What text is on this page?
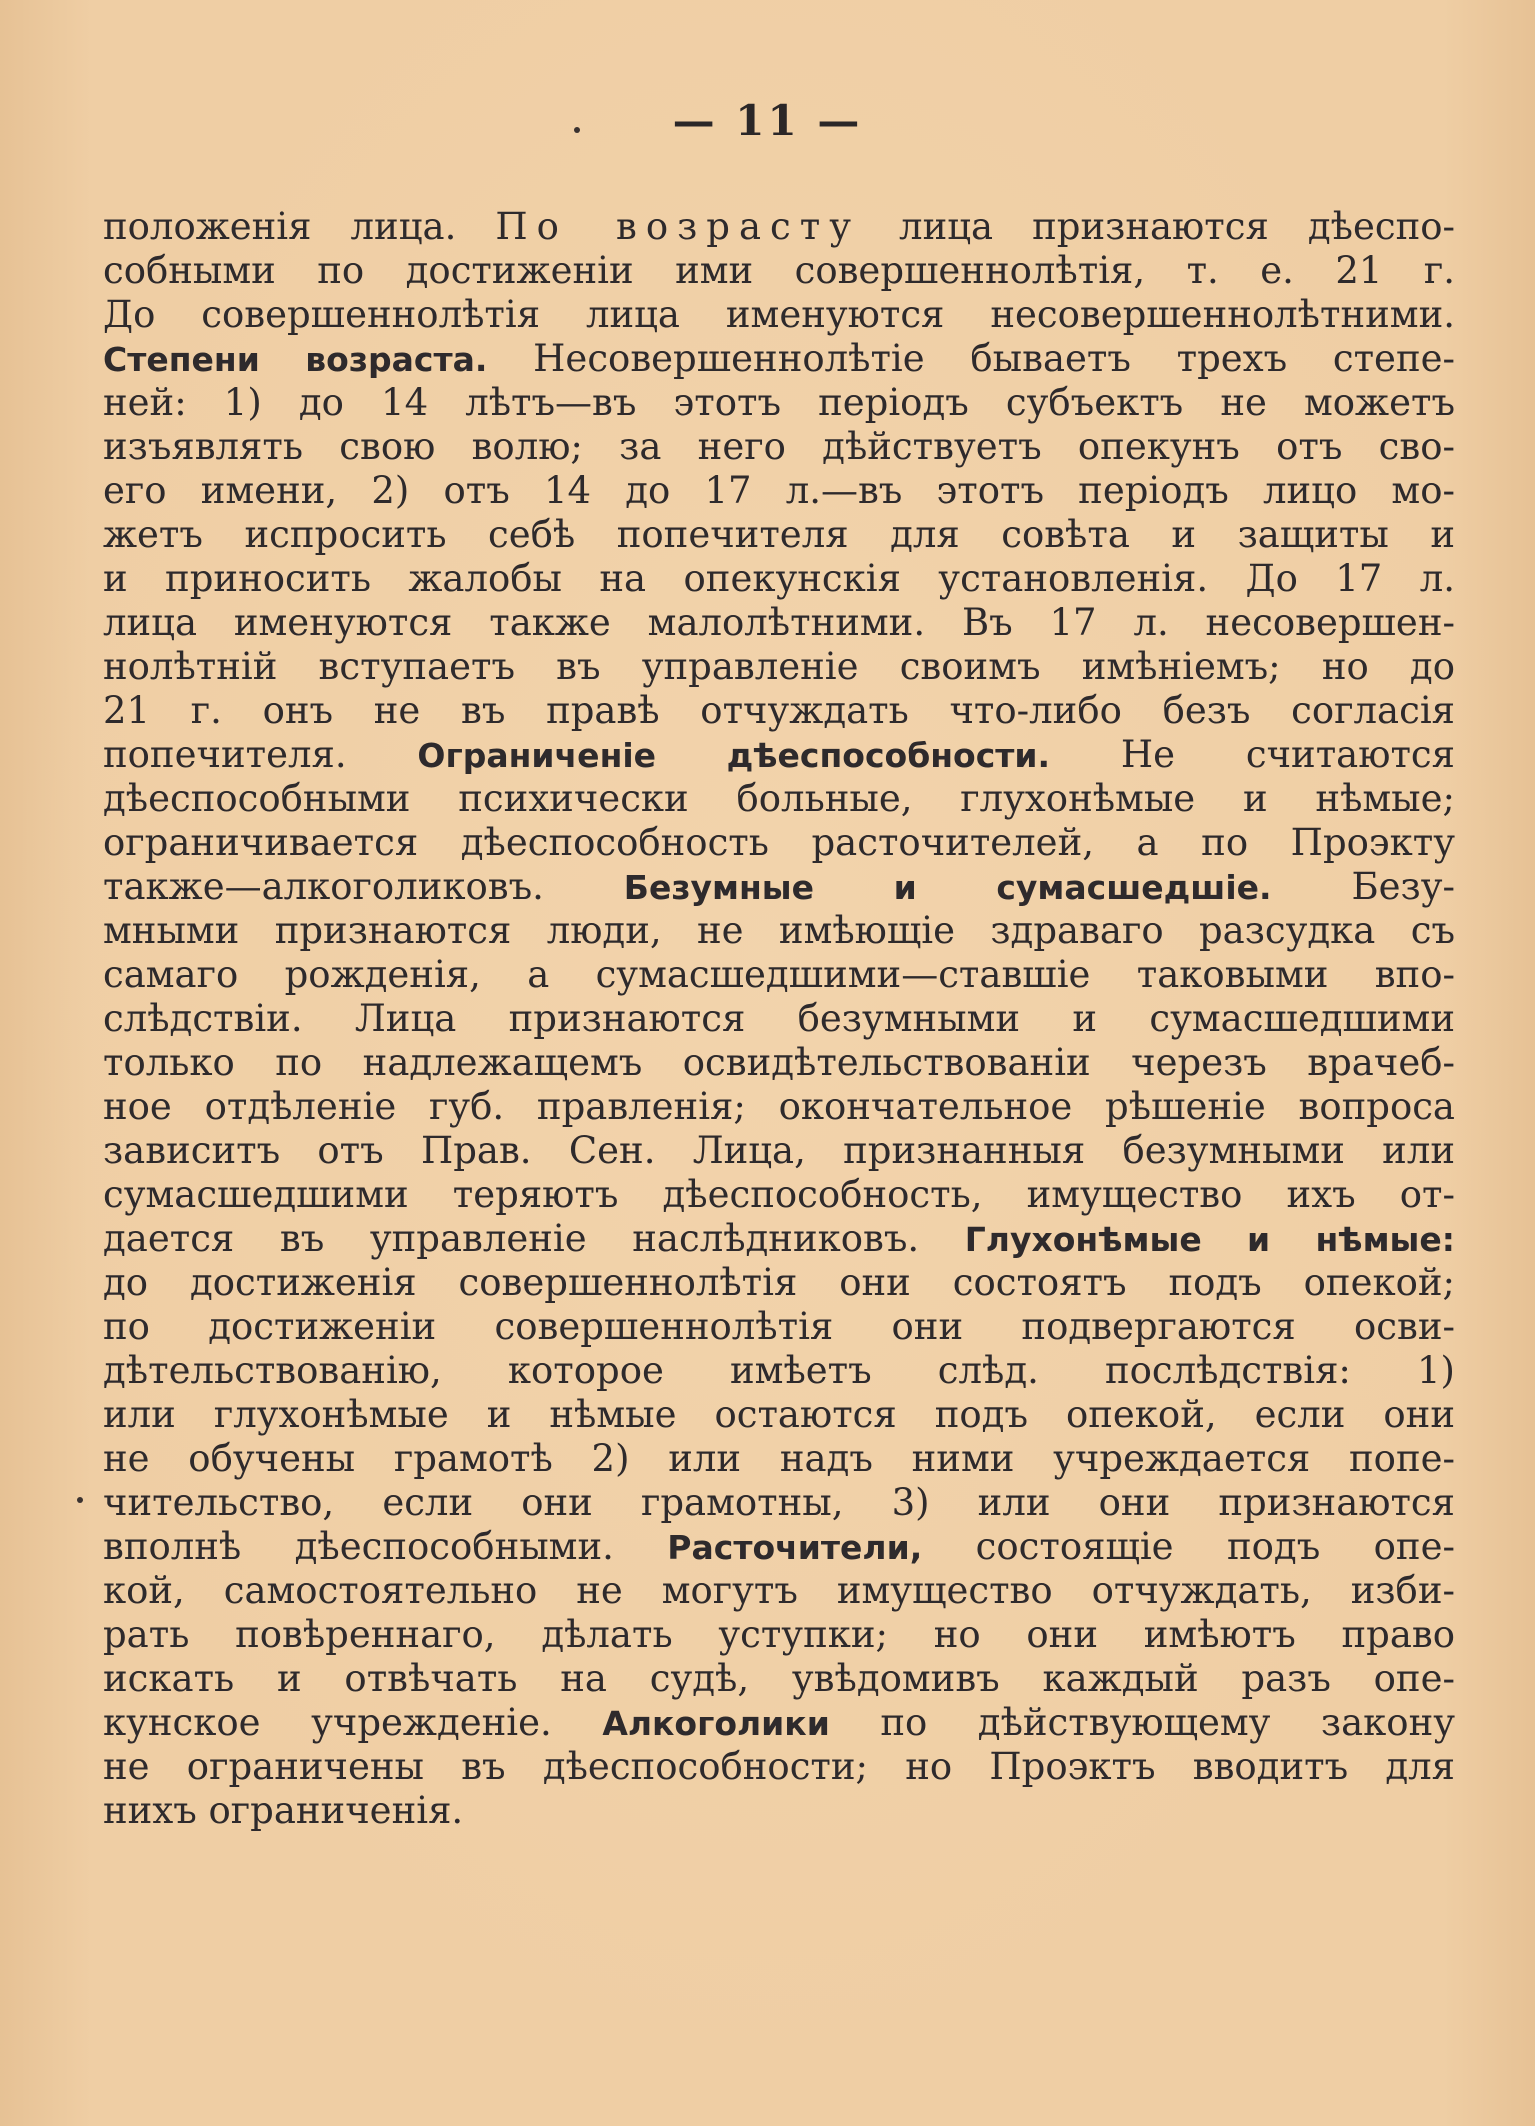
— 11 —
положенія лица. По возрасту лица признаются дѣеспо-
собными по достиженіи ими совершеннолѣтія, т. е. 21 г.
До совершеннолѣтія лица именуются несовершеннолѣтними.
Степени возраста. Несовершеннолѣтіе бываетъ трехъ степе-
ней: 1) до 14 лѣтъ—въ этотъ періодъ субъектъ не можетъ
изъявлять свою волю; за него дѣйствуетъ опекунъ отъ сво-
его имени, 2) отъ 14 до 17 л.—въ этотъ періодъ лицо мо-
жетъ испросить себѣ попечителя для совѣта и защиты и
и приносить жалобы на опекунскія установленія. До 17 л.
лица именуются также малолѣтними. Въ 17 л. несовершен-
нолѣтній вступаетъ въ управленіе своимъ имѣніемъ; но до
21 г. онъ не въ правѣ отчуждать что-либо безъ согласія
попечителя. Ограниченіе дѣеспособности. Не считаются
дѣеспособными психически больные, глухонѣмые и нѣмые;
ограничивается дѣеспособность расточителей, а по Проэкту
также—алкоголиковъ. Безумные и сумасшедшіе. Безу-
мными признаются люди, не имѣющіе здраваго разсудка съ
самаго рожденія, а сумасшедшими—ставшіе таковыми впо-
слѣдствіи. Лица признаются безумными и сумасшедшими
только по надлежащемъ освидѣтельствованіи черезъ врачеб-
ное отдѣленіе губ. правленія; окончательное рѣшеніе вопроса
зависитъ отъ Прав. Сен. Лица, признанныя безумными или
сумасшедшими теряютъ дѣеспособность, имущество ихъ от-
дается въ управленіе наслѣдниковъ. Глухонѣмые и нѣмые:
до достиженія совершеннолѣтія они состоятъ подъ опекой;
по достиженіи совершеннолѣтія они подвергаются осви-
дѣтельствованію, которое имѣетъ слѣд. послѣдствія: 1)
или глухонѣмые и нѣмые остаются подъ опекой, если они
не обучены грамотѣ 2) или надъ ними учреждается попе-
чительство, если они грамотны, 3) или они признаются
вполнѣ дѣеспособными. Расточители, состоящіе подъ опе-
кой, самостоятельно не могутъ имущество отчуждать, изби-
рать повѣреннаго, дѣлать уступки; но они имѣютъ право
искать и отвѣчать на судѣ, увѣдомивъ каждый разъ опе-
кунское учрежденіе. Алкоголики по дѣйствующему закону
не ограничены въ дѣеспособности; но Проэктъ вводитъ для
нихъ ограниченія.
